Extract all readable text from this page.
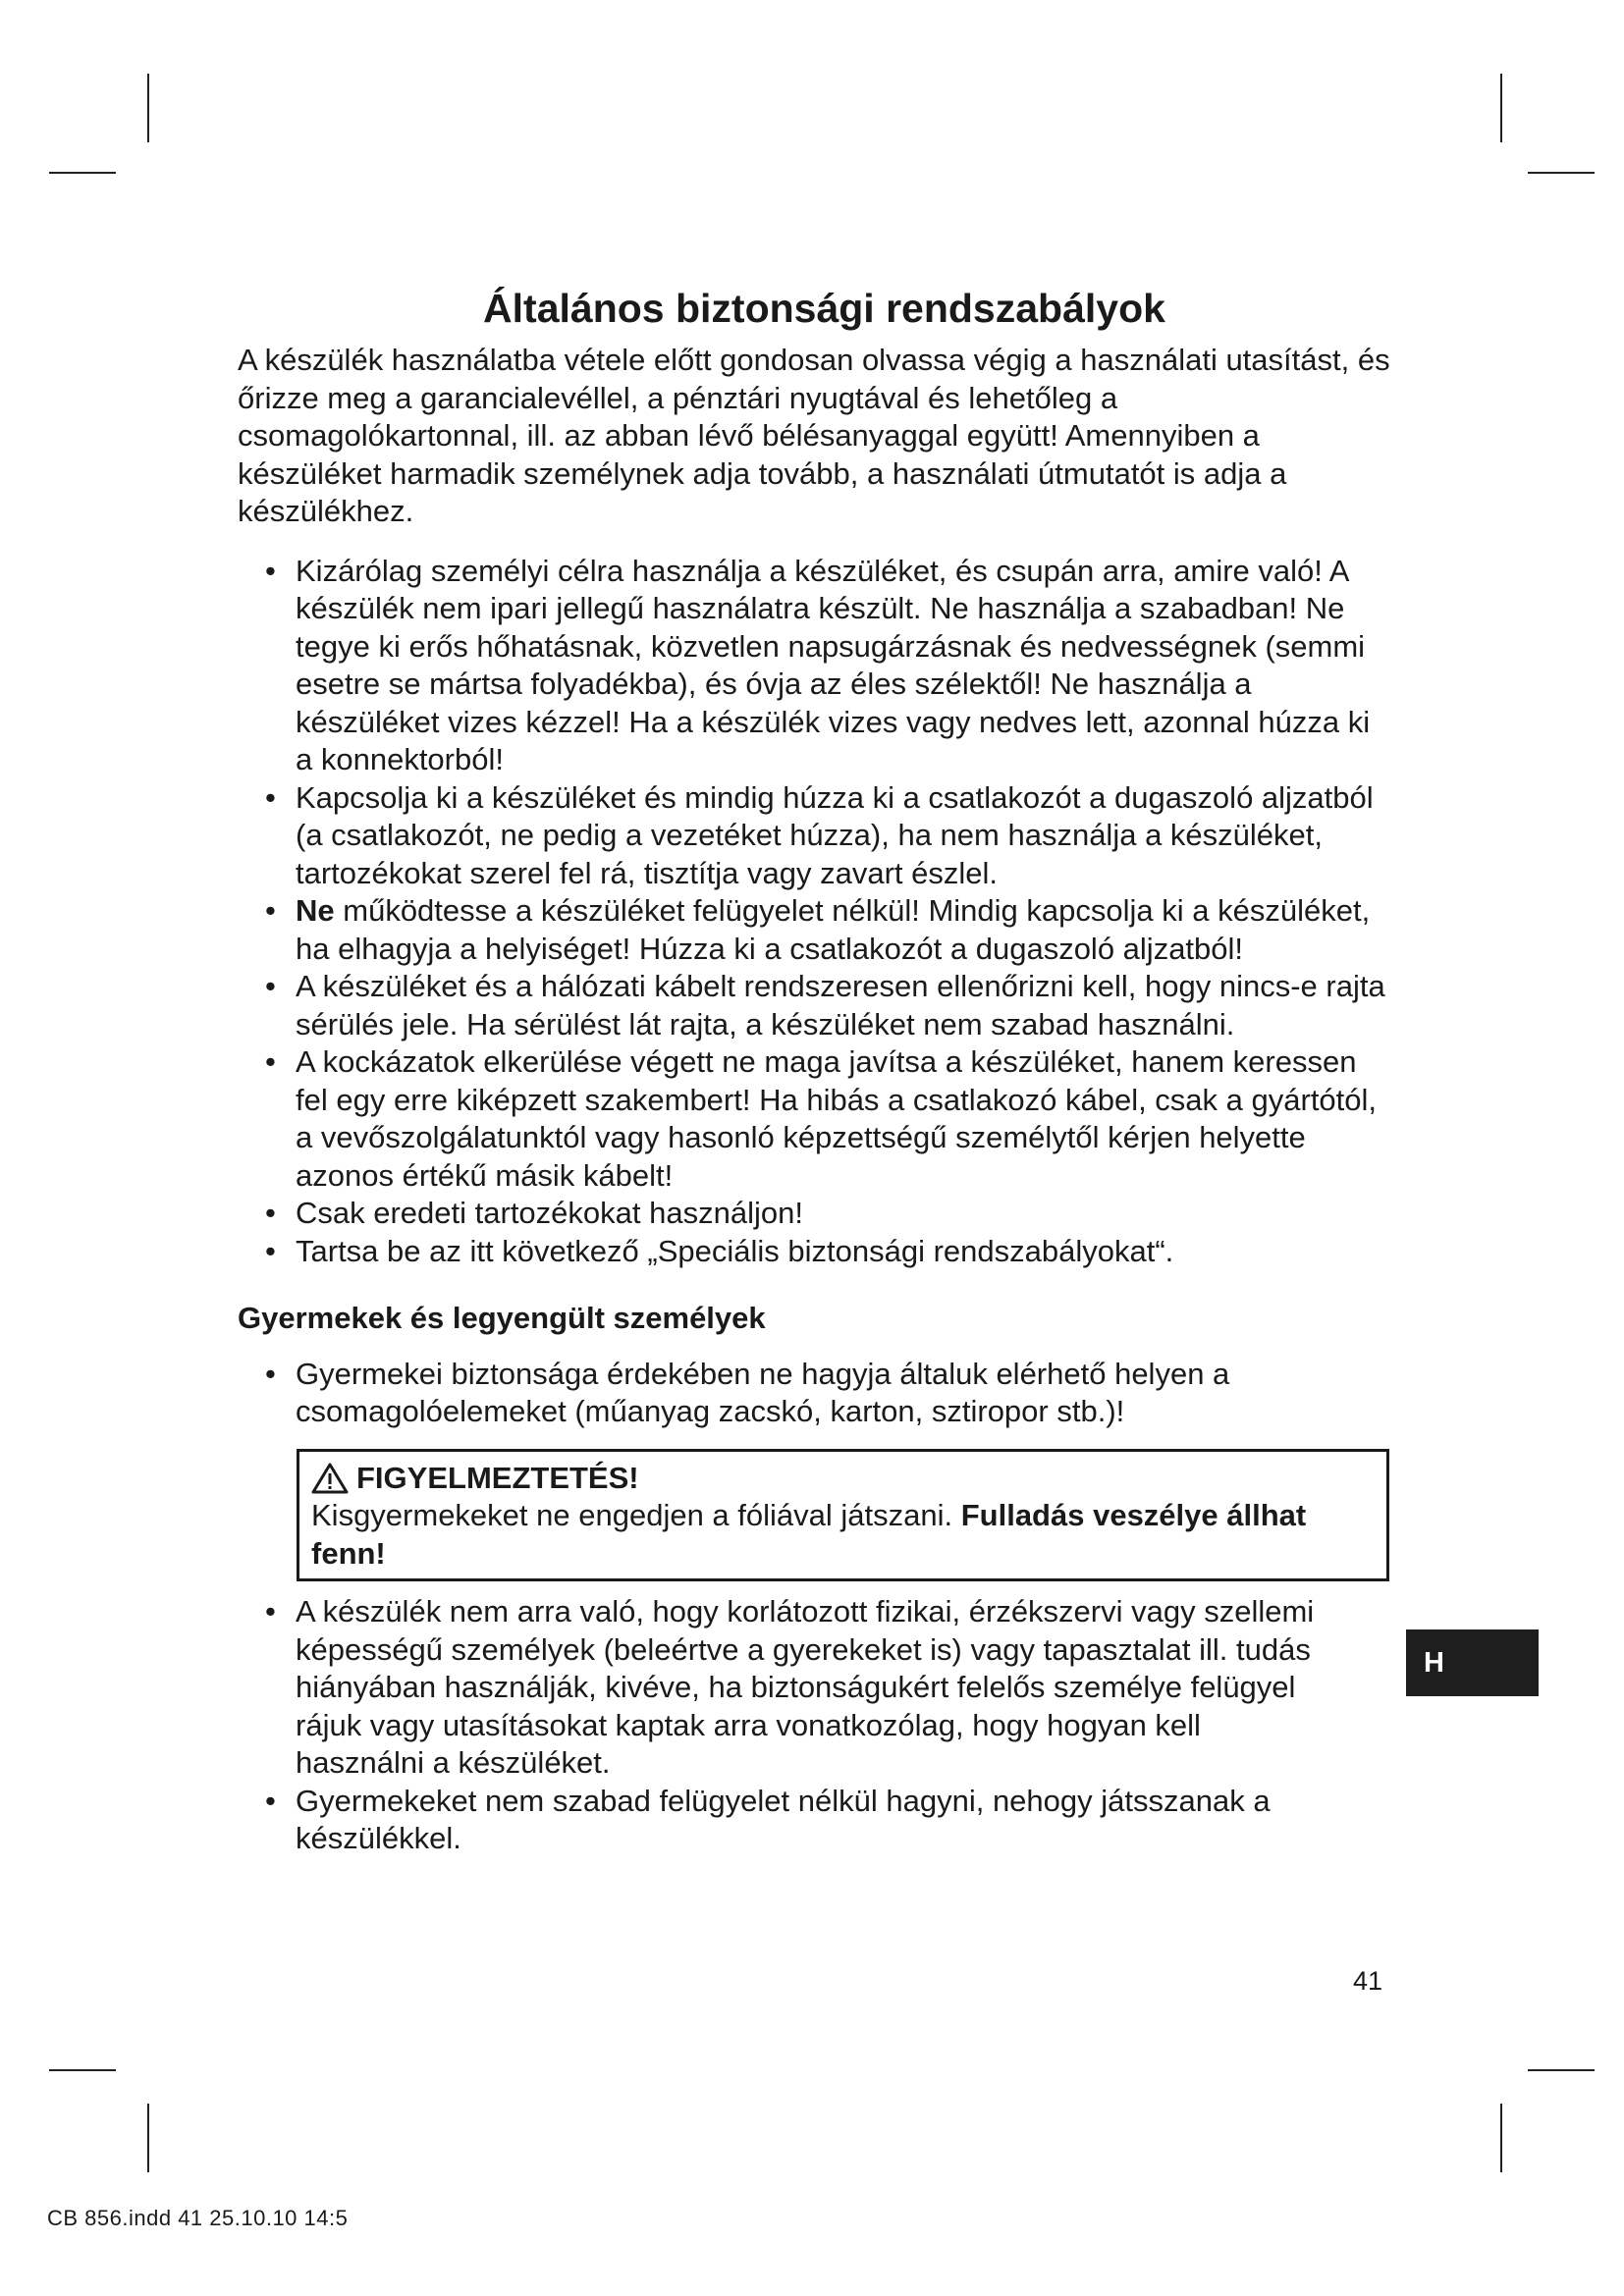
Általános biztonsági rendszabályok

A készülék használatba vétele előtt gondosan olvassa végig a használati utasítást, és őrizze meg a garancialevéllel, a pénztári nyugtával és lehetőleg a csomagolókartonnal, ill. az abban lévő bélésanyaggal együtt! Amennyiben a készüléket harmadik személynek adja tovább, a használati útmutatót is adja a készülékhez.

• Kizárólag személyi célra használja a készüléket, és csupán arra, amire való! A készülék nem ipari jellegű használatra készült. Ne használja a szabadban! Ne tegye ki erős hőhatásnak, közvetlen napsugárzásnak és nedvességnek (semmi esetre se mártsa folyadékba), és óvja az éles szélektől! Ne használja a készüléket vizes kézzel! Ha a készülék vizes vagy nedves lett, azonnal húzza ki a konnektorból!
• Kapcsolja ki a készüléket és mindig húzza ki a csatlakozót a dugaszoló aljzatból (a csatlakozót, ne pedig a vezetéket húzza), ha nem használja a készüléket, tartozékokat szerel fel rá, tisztítja vagy zavart észlel.
• Ne működtesse a készüléket felügyelet nélkül! Mindig kapcsolja ki a készüléket, ha elhagyja a helyiséget! Húzza ki a csatlakozót a dugaszoló aljzatból!
• A készüléket és a hálózati kábelt rendszeresen ellenőrizni kell, hogy nincs-e rajta sérülés jele. Ha sérülést lát rajta, a készüléket nem szabad használni.
• A kockázatok elkerülése végett ne maga javítsa a készüléket, hanem keressen fel egy erre kiképzett szakembert! Ha hibás a csatlakozó kábel, csak a gyártótól, a vevőszolgálatunktól vagy hasonló képzettségű személytől kérjen helyette azonos értékű másik kábelt!
• Csak eredeti tartozékokat használjon!
• Tartsa be az itt következő „Speciális biztonsági rendszabályokat“.
Gyermekek és legyengült személyek
• Gyermekei biztonsága érdekében ne hagyja általuk elérhető helyen a csomagolóelemeket (műanyag zacskó, karton, sztiropor stb.)!
FIGYELMEZTETÉS!
Kisgyermekeket ne engedjen a fóliával játszani. Fulladás veszélye állhat fenn!
• A készülék nem arra való, hogy korlátozott fizikai, érzékszervi vagy szellemi képességű személyek (beleértve a gyerekeket is) vagy tapasztalat ill. tudás hiányában használják, kivéve, ha biztonságukért felelős személye felügyel rájuk vagy utasításokat kaptak arra vonatkozólag, hogy hogyan kell használni a készüléket.
• Gyermekeket nem szabad felügyelet nélkül hagyni, nehogy játsszanak a készülékkel.
H
41
CB 856.indd 41 25.10.10 14:5
